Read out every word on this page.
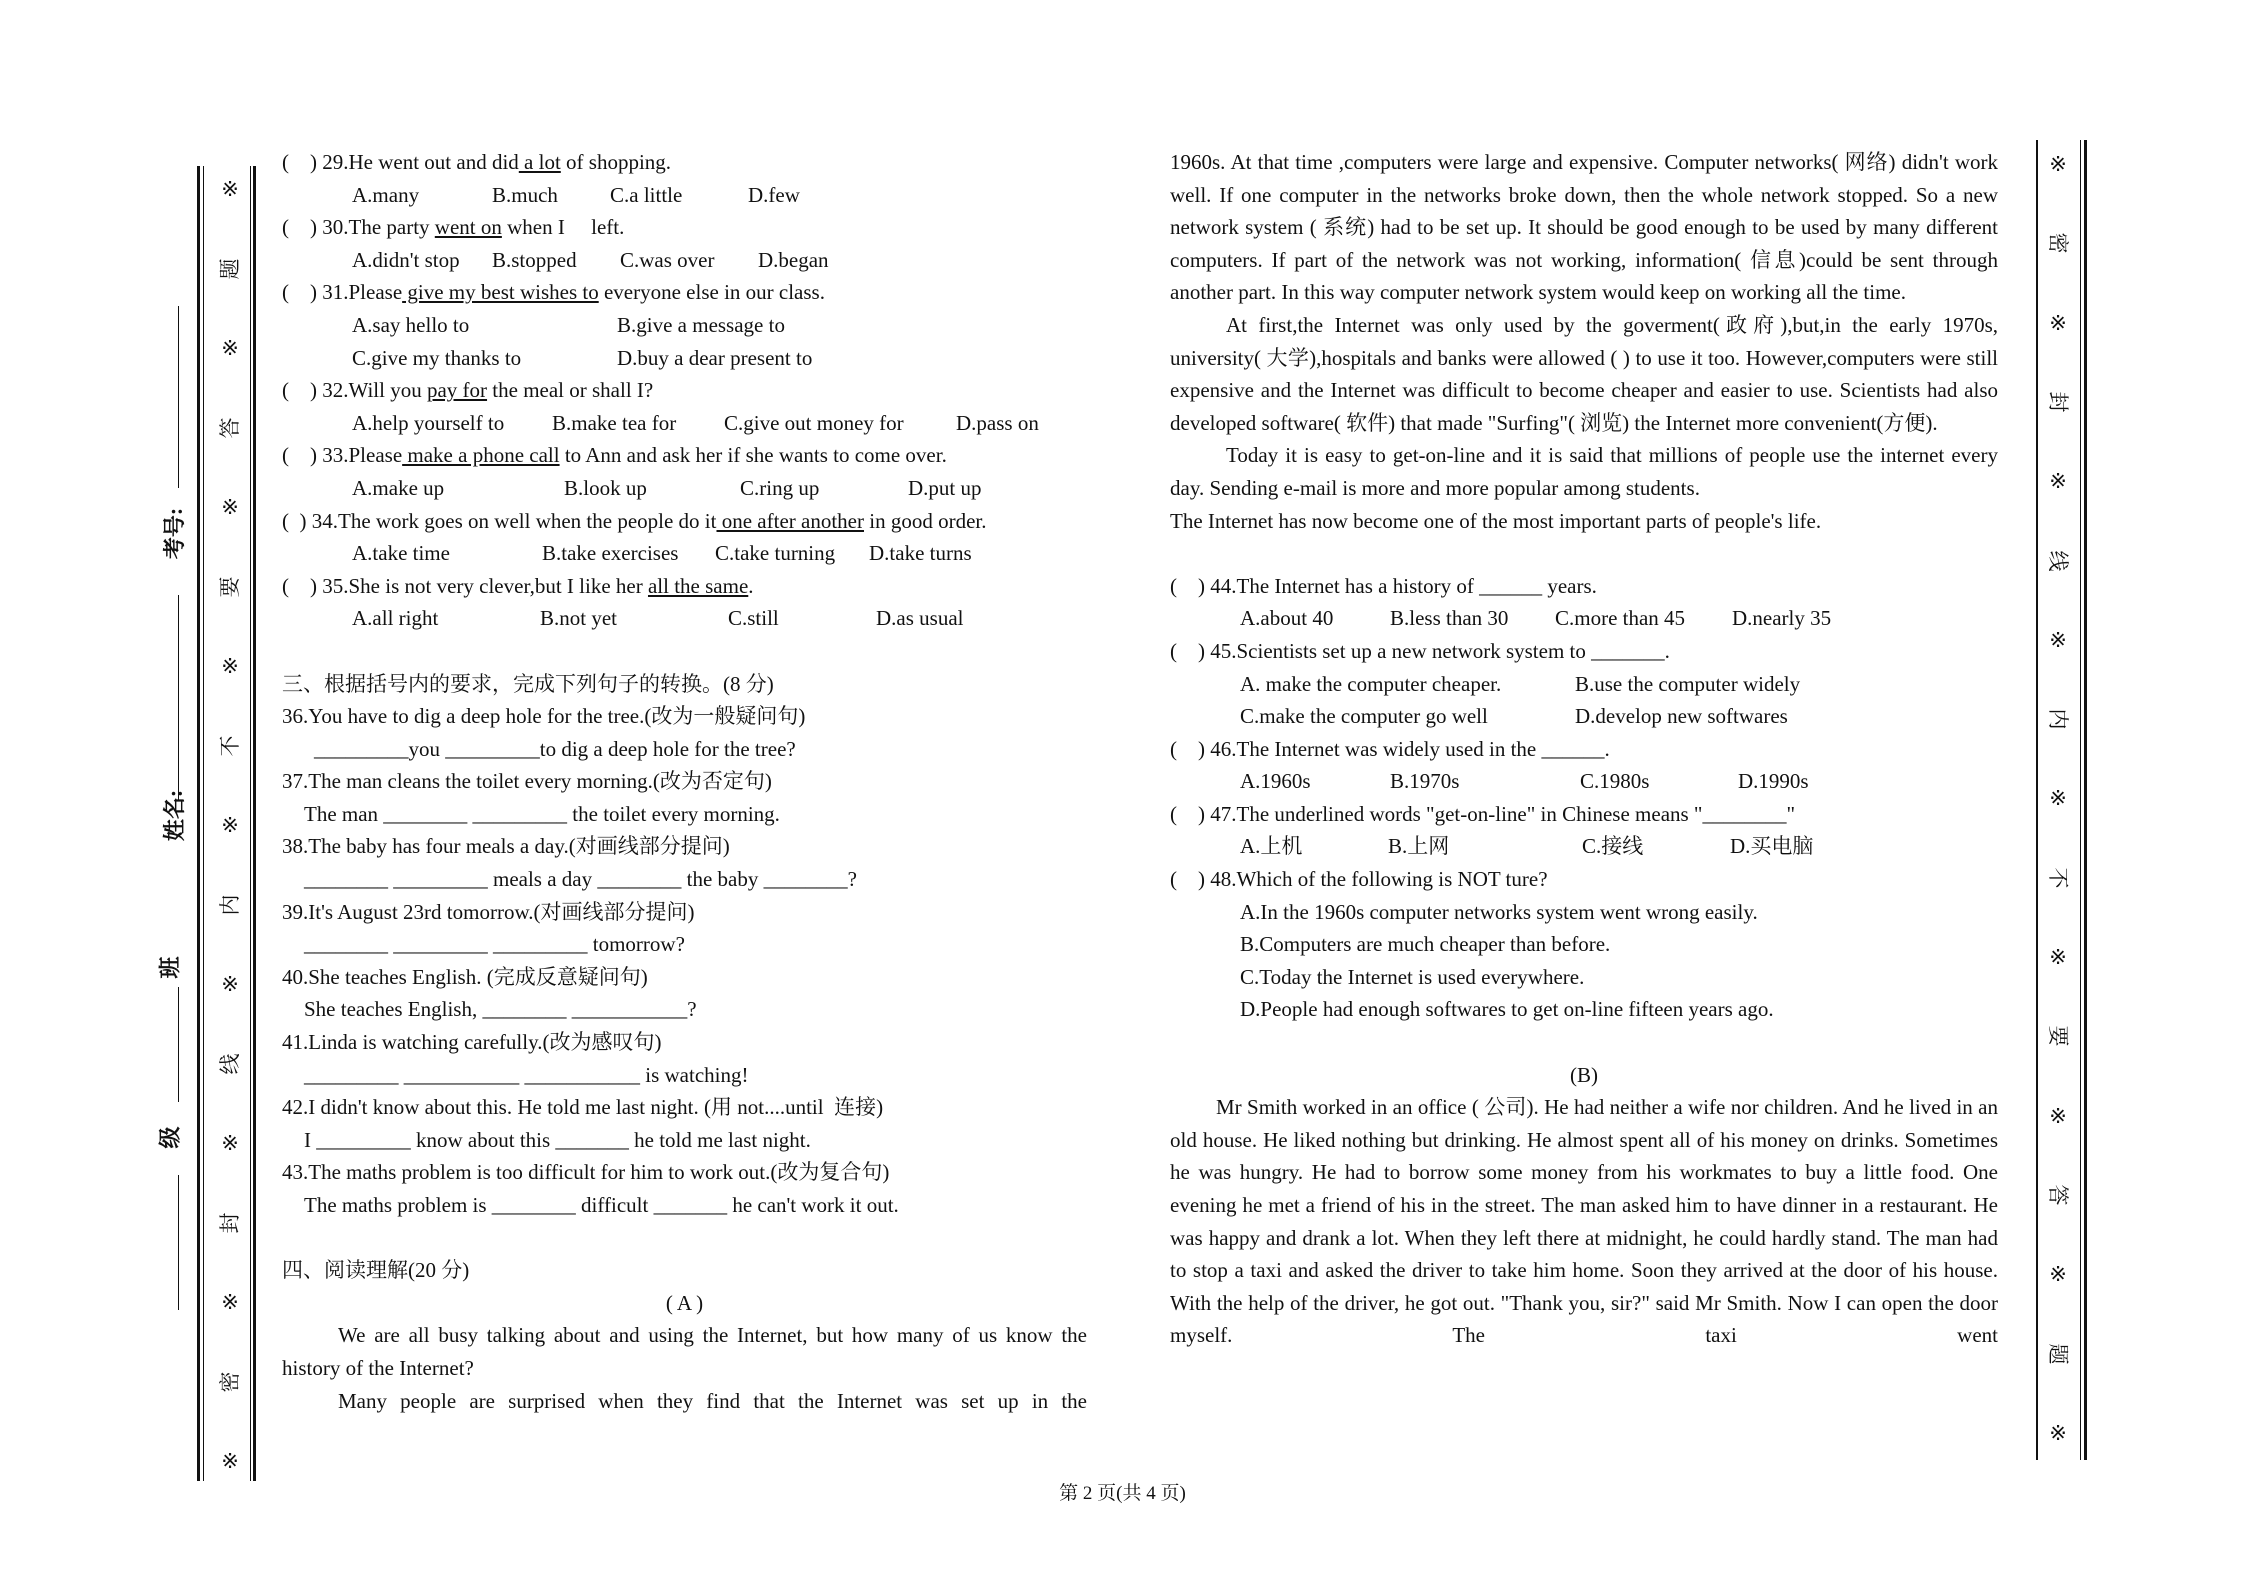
※
题
※
答
※
要
※
不
※
内
※
线
※
封
※
密
※
考号:
姓名:
班
级
※
密
※
封
※
线
※
内
※
不
※
要
※
答
※
题
※
(    ) 29.He went out and did a lot of shopping.
A.many	B.much	C.a little	D.few
(    ) 30.The party went on when I     left.
A.didn't stop	B.stopped	C.was over	D.began
(    ) 31.Please give my best wishes to everyone else in our class.
A.say hello to	B.give a message to
C.give my thanks to	D.buy a dear present to
(    ) 32.Will you pay for the meal or shall I?
A.help yourself to	B.make tea for	C.give out money for	D.pass on
(    ) 33.Please make a phone call to Ann and ask her if she wants to come over.
A.make up	B.look up	C.ring up	D.put up
(  ) 34.The work goes on well when the people do it one after another in good order.
A.take time	B.take exercises	C.take turning	D.take turns
(    ) 35.She is not very clever,but I like her all the same.
A.all right	B.not yet	C.still	D.as usual
三、根据括号内的要求，完成下列句子的转换。(8 分)
36.You have to dig a deep hole for the tree.(改为一般疑问句)
_________you _________to dig a deep hole for the tree?
37.The man cleans the toilet every morning.(改为否定句)
The man ________ _________ the toilet every morning.
38.The baby has four meals a day.(对画线部分提问)
________ _________ meals a day ________ the baby ________?
39.It's August 23rd tomorrow.(对画线部分提问)
________ _________ _________ tomorrow?
40.She teaches English. (完成反意疑问句)
She teaches English, ________ ___________?
41.Linda is watching carefully.(改为感叹句)
_________ ___________ ___________ is watching!
42.I didn't know about this. He told me last night. (用 not....until  连接)
I _________ know about this _______ he told me last night.
43.The maths problem is too difficult for him to work out.(改为复合句)
The maths problem is ________ difficult _______ he can't work it out.
四、阅读理解(20 分)
( A )
We are all busy talking about and using the Internet, but how many of us know the history of the Internet?
Many people are surprised when they find that the Internet was set up in the
1960s. At that time ,computers were large and expensive. Computer networks( 网络) didn't work well. If one computer in the networks broke down, then the whole network stopped. So a new network system ( 系统) had to be set up. It should be good enough to be used by many different computers. If part of the network was not working, information( 信息)could be sent through another part. In this way computer network system would keep on working all the time.
At first,the Internet was only used by the goverment(政府),but,in the early 1970s, university( 大学),hospitals and banks were allowed ( ) to use it too. However,computers were still expensive and the Internet was difficult to become cheaper and easier to use. Scientists had also developed software( 软件) that made "Surfing"( 浏览) the Internet more convenient(方便).
Today it is easy to get-on-line and it is said that millions of people use the internet every day. Sending e-mail is more and more popular among students.
The Internet has now become one of the most important parts of people's life.
(    ) 44.The Internet has a history of ______ years.
A.about 40	B.less than 30	C.more than 45	D.nearly 35
(    ) 45.Scientists set up a new network system to _______.
A. make the computer cheaper.	B.use the computer widely
C.make the computer go well	D.develop new softwares
(    ) 46.The Internet was widely used in the ______.
A.1960s	B.1970s	C.1980s	D.1990s
(    ) 47.The underlined words "get-on-line" in Chinese means "________"
A.上机	B.上网	C.接线	D.买电脑
(    ) 48.Which of the following is NOT ture?
A.In the 1960s computer networks system went wrong easily.
B.Computers are much cheaper than before.
C.Today the Internet is used everywhere.
D.People had enough softwares to get on-line fifteen years ago.
(B)
Mr Smith worked in an office ( 公司). He had neither a wife nor children. And he lived in an old house. He liked nothing but drinking. He almost spent all of his money on drinks. Sometimes he was hungry. He had to borrow some money from his workmates to buy a little food. One evening he met a friend of his in the street. The man asked him to have dinner in a restaurant. He was happy and drank a lot. When they left there at midnight, he could hardly stand. The man had to stop a taxi and asked the driver to take him home. Soon they arrived at the door of his house. With the help of the driver, he got out. "Thank you, sir?" said Mr Smith. Now I can open the door myself. The taxi went
第 2 页(共 4 页)
